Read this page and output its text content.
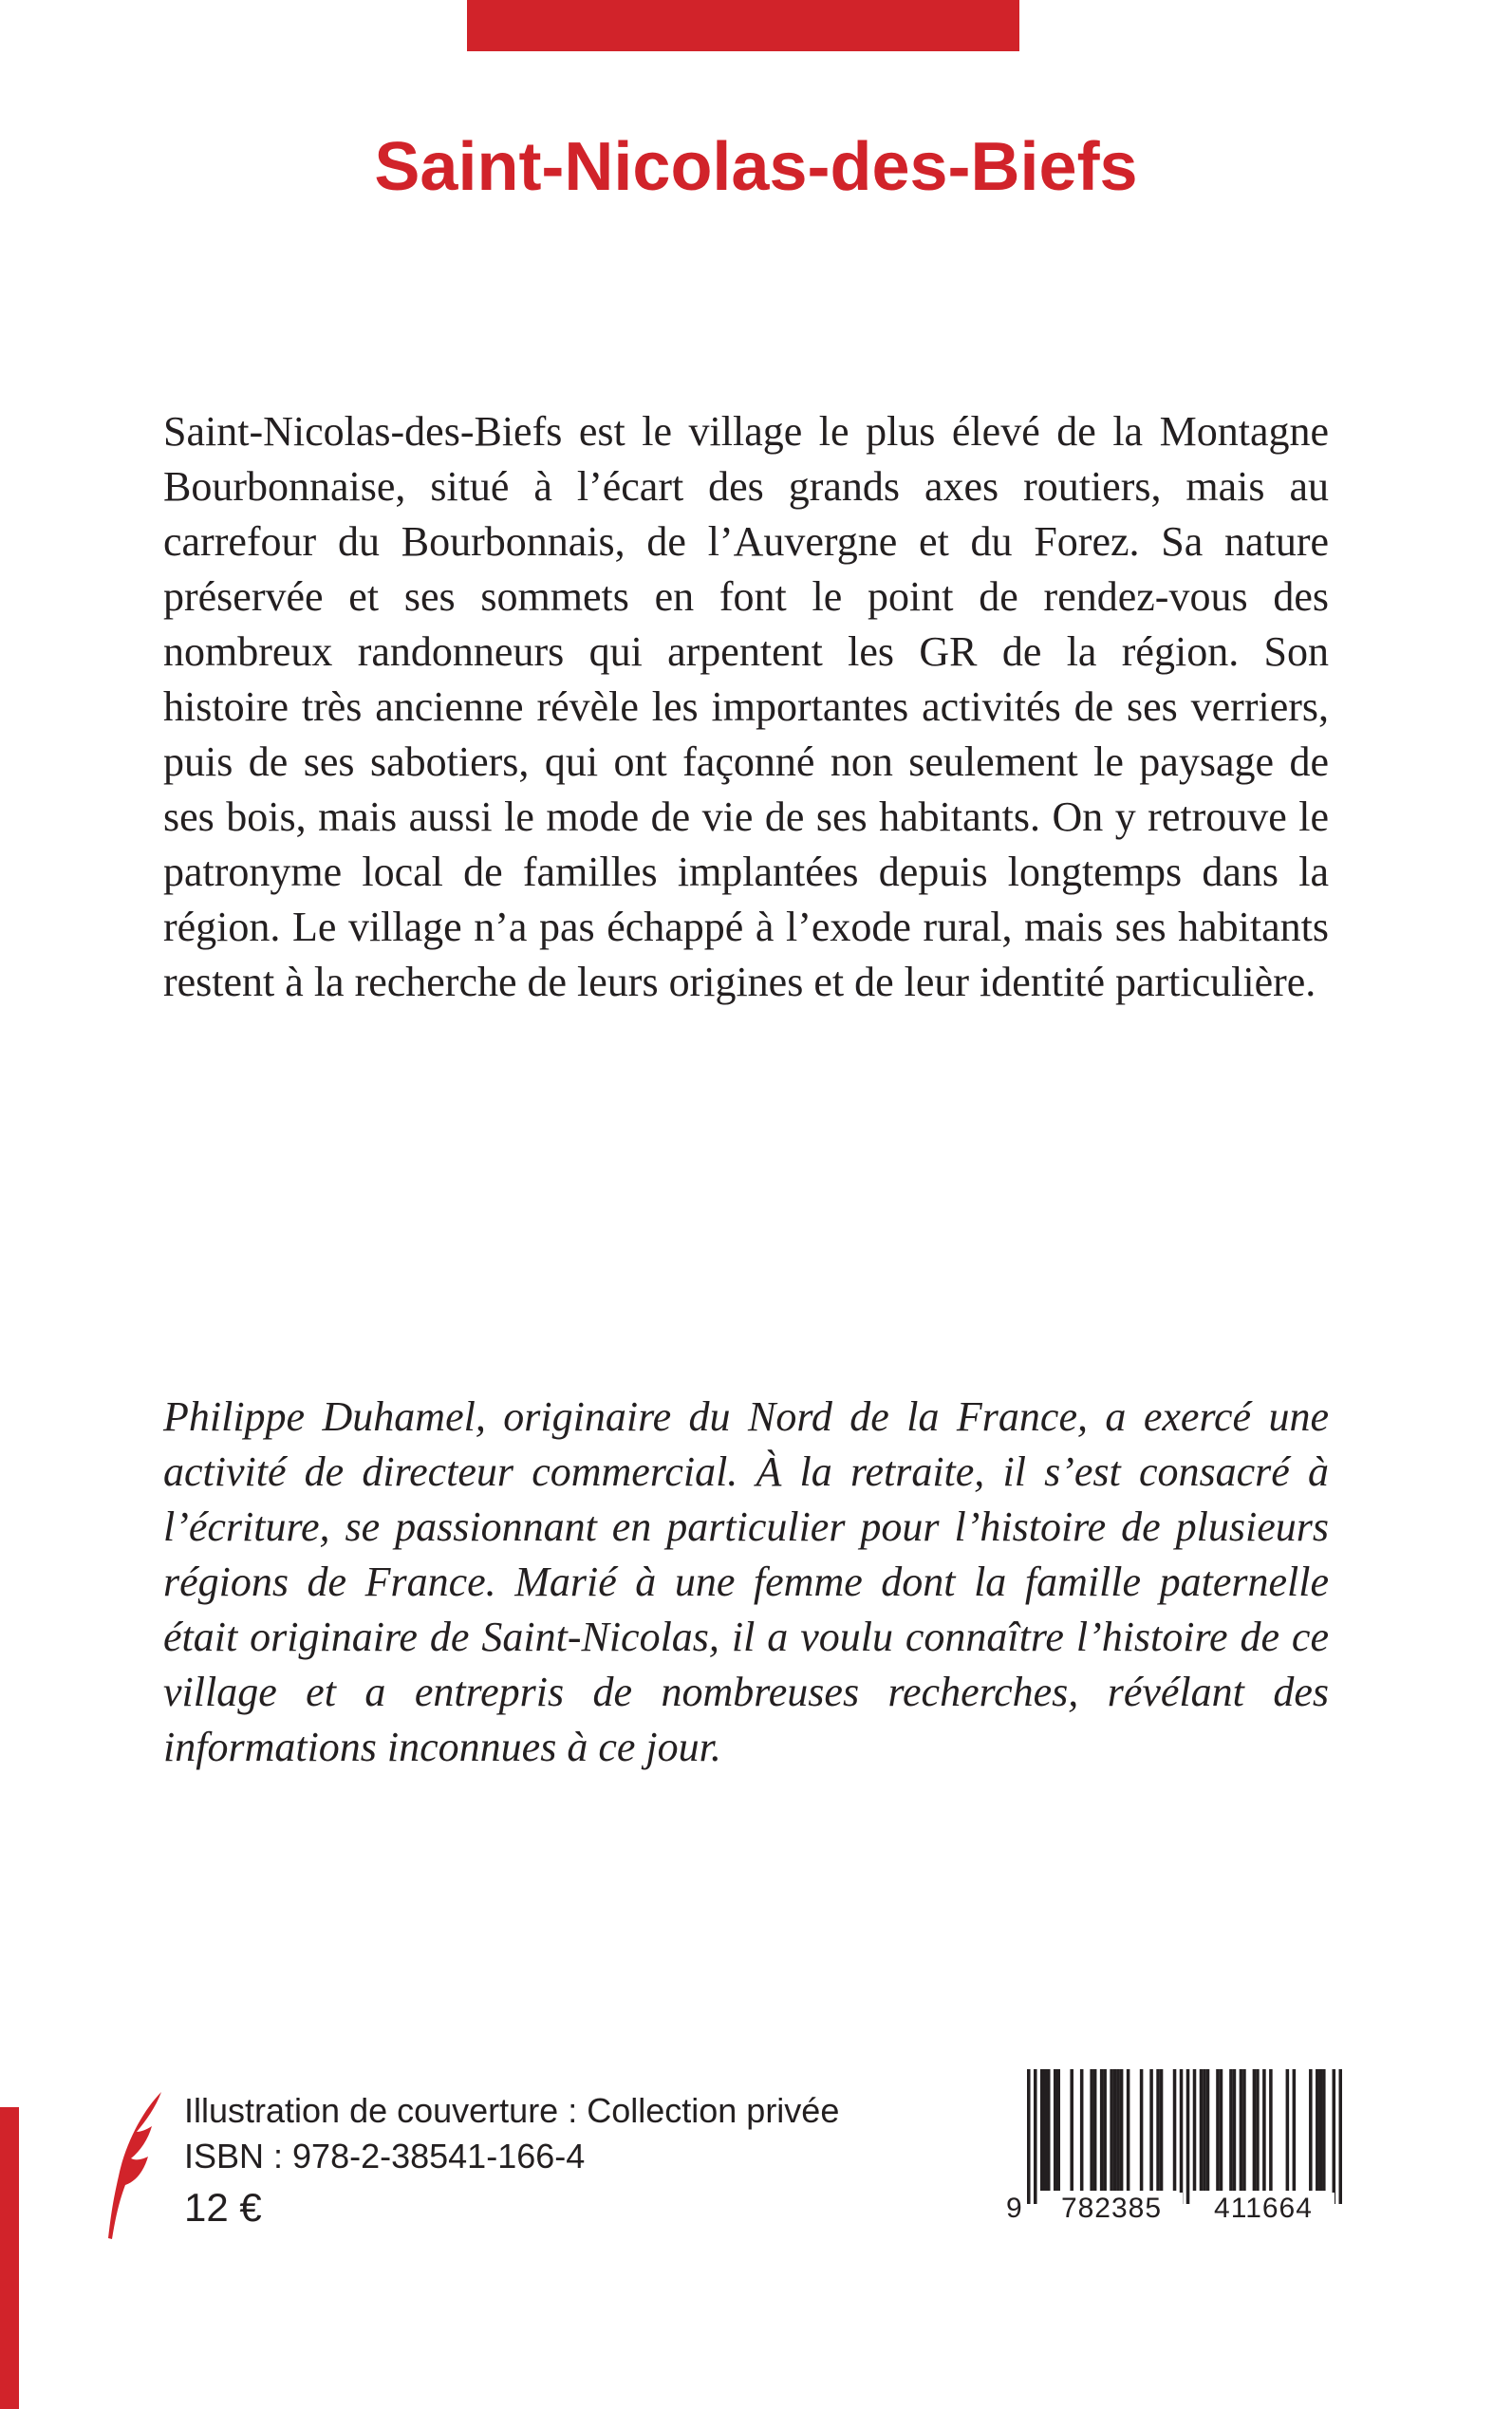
Saint-Nicolas-des-Biefs

Saint-Nicolas-des-Biefs est le village le plus élevé de la Montagne Bourbonnaise, situé à l’écart des grands axes routiers, mais au carrefour du Bourbonnais, de l’Auvergne et du Forez. Sa nature préservée et ses sommets en font le point de rendez-vous des nombreux randonneurs qui arpentent les GR de la région. Son histoire très ancienne révèle les importantes activités de ses verriers, puis de ses sabotiers, qui ont façonné non seulement le paysage de ses bois, mais aussi le mode de vie de ses habitants. On y retrouve le patronyme local de familles implantées depuis longtemps dans la région. Le village n’a pas échappé à l’exode rural, mais ses habitants restent à la recherche de leurs origines et de leur identité particulière.

Philippe Duhamel, originaire du Nord de la France, a exercé une activité de directeur commercial. À la retraite, il s’est consacré à l’écriture, se passionnant en particulier pour l’histoire de plusieurs régions de France. Marié à une femme dont la famille paternelle était originaire de Saint-Nicolas, il a voulu connaître l’histoire de ce village et a entrepris de nombreuses recherches, révélant des informations inconnues à ce jour.

Illustration de couverture : Collection privée
ISBN : 978-2-38541-166-4
12 €	9	782385	411664
